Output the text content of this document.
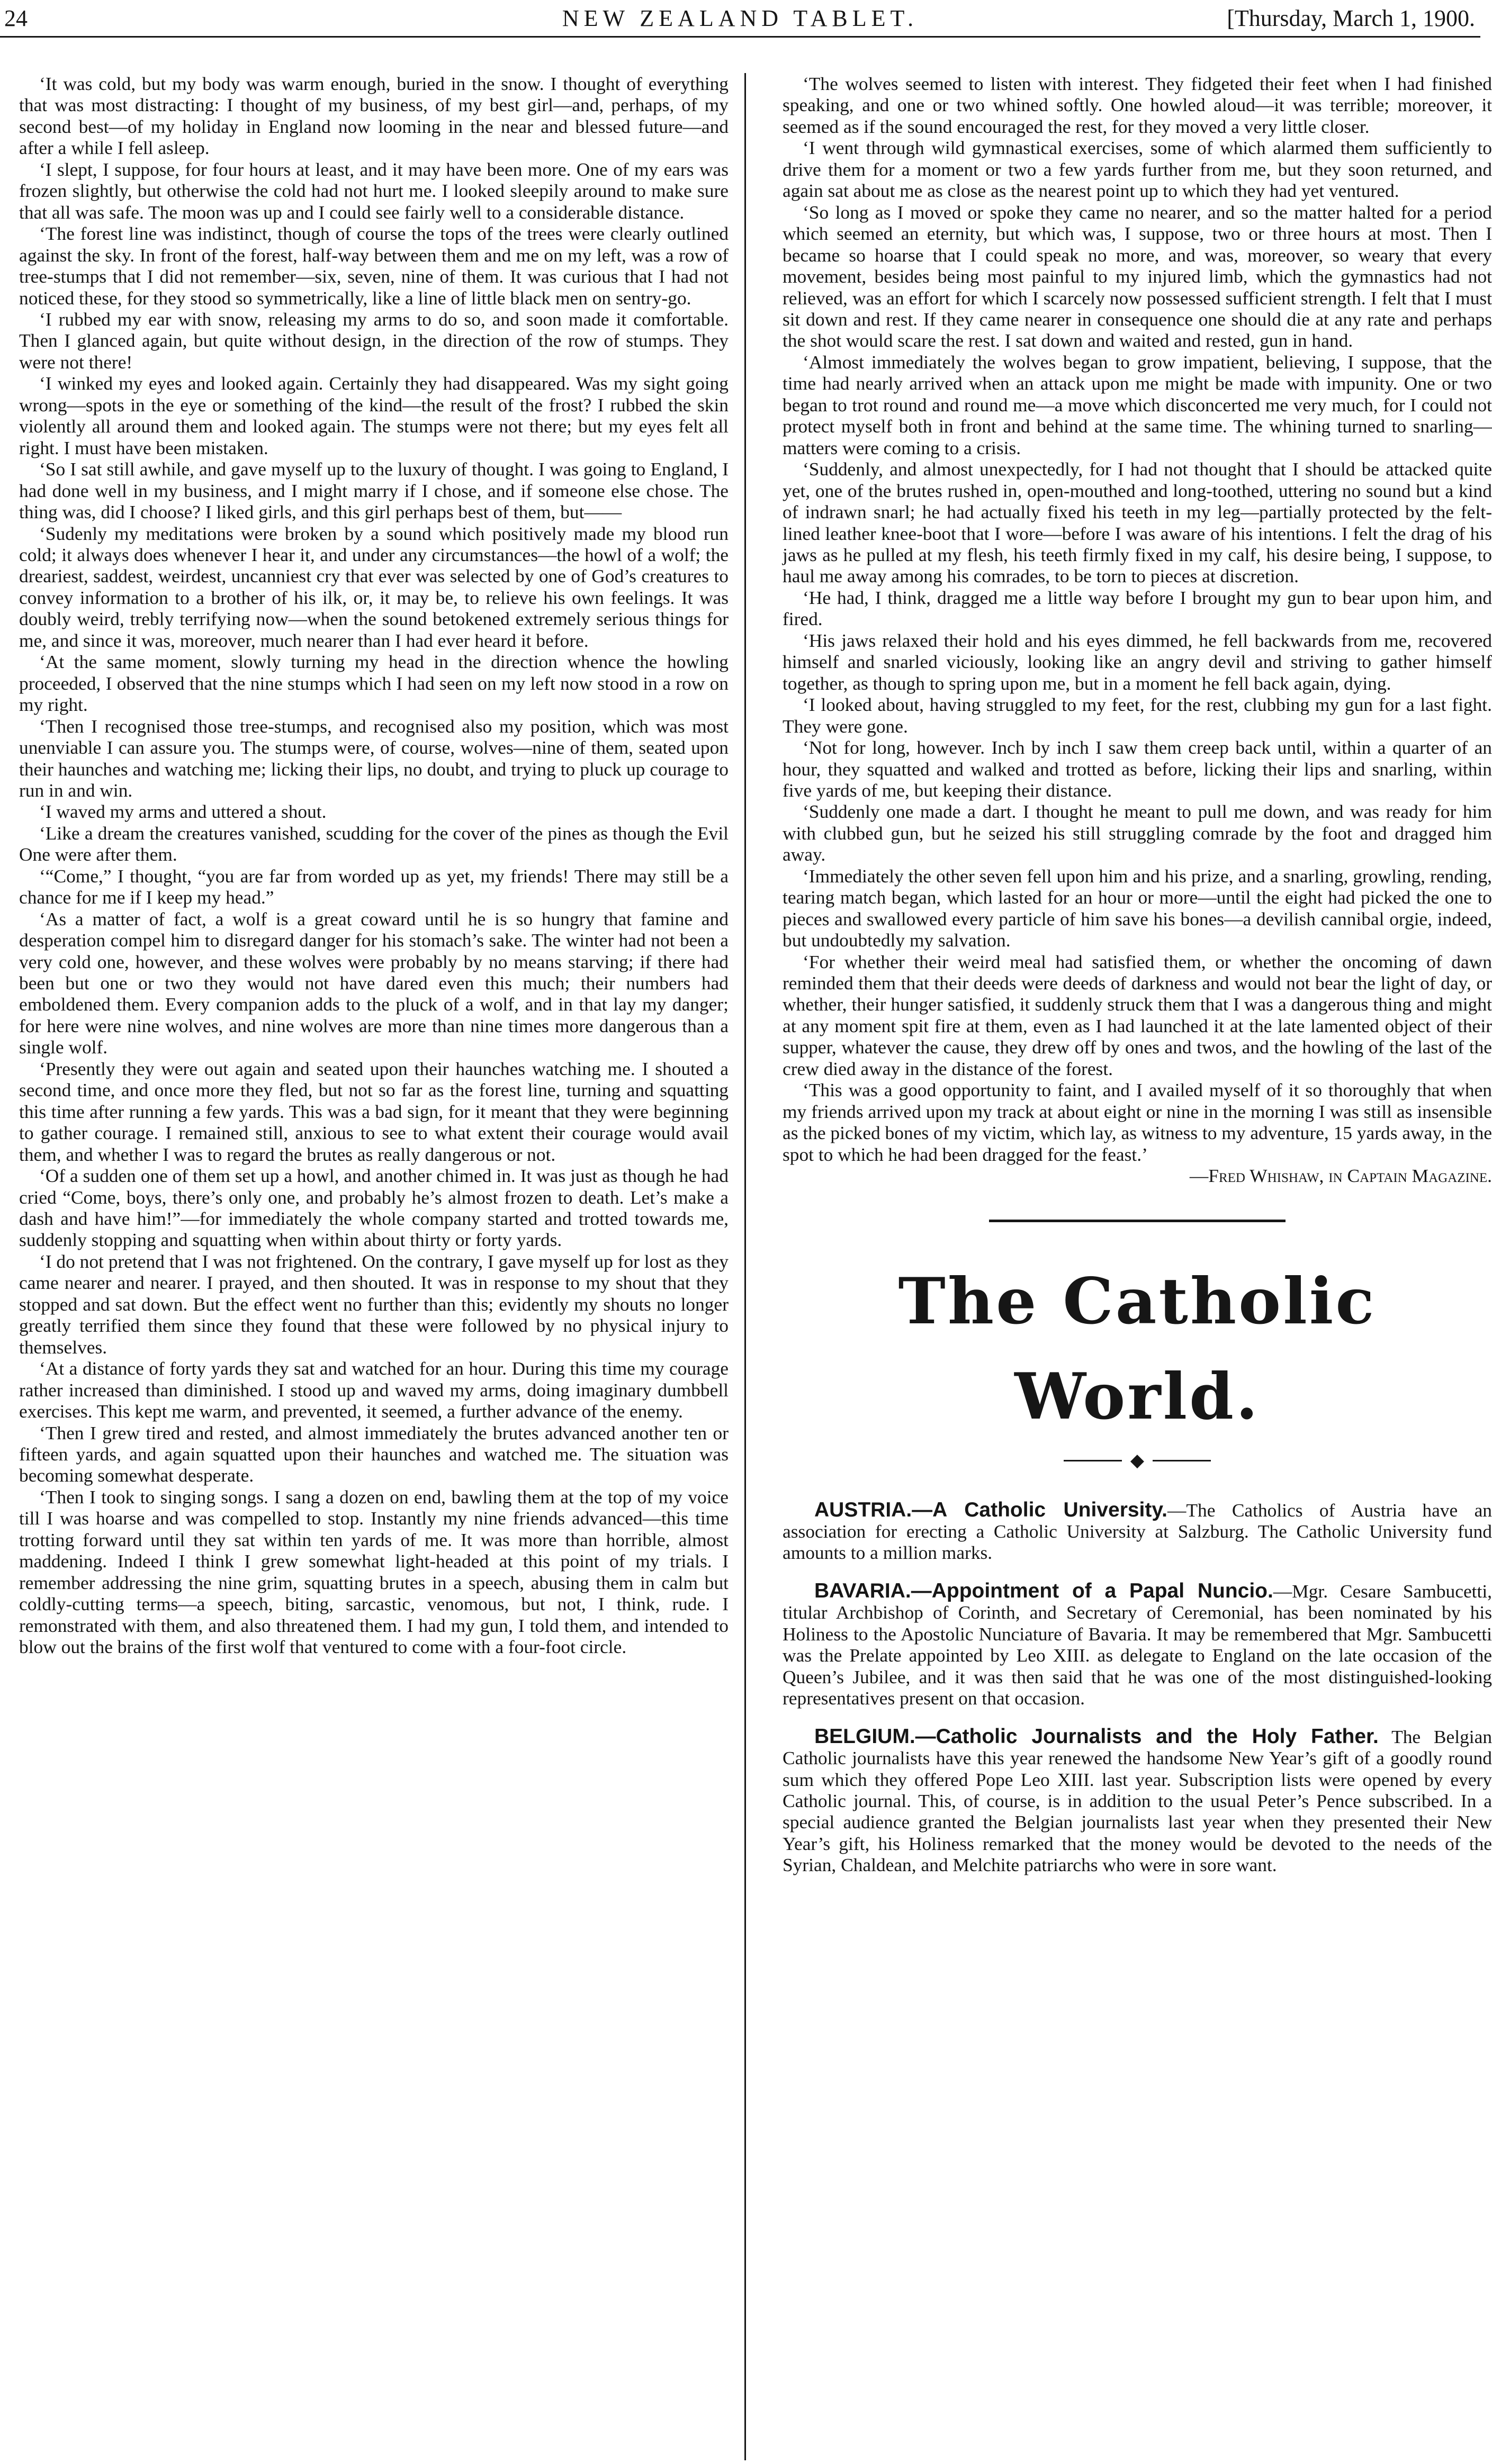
24	NEW ZEALAND TABLET.	[Thursday, March 1, 1900.

‘It was cold, but my body was warm enough, buried in the snow. I thought of everything that was most distracting: I thought of my business, of my best girl—and, perhaps, of my second best—of my holiday in England now looming in the near and blessed future—and after a while I fell asleep.

‘I slept, I suppose, for four hours at least, and it may have been more. One of my ears was frozen slightly, but otherwise the cold had not hurt me. I looked sleepily around to make sure that all was safe. The moon was up and I could see fairly well to a considerable distance.

‘The forest line was indistinct, though of course the tops of the trees were clearly outlined against the sky. In front of the forest, half-way between them and me on my left, was a row of tree-stumps that I did not remember—six, seven, nine of them. It was curious that I had not noticed these, for they stood so symmetrically, like a line of little black men on sentry-go.

‘I rubbed my ear with snow, releasing my arms to do so, and soon made it comfortable. Then I glanced again, but quite without design, in the direction of the row of stumps. They were not there!

‘I winked my eyes and looked again. Certainly they had disappeared. Was my sight going wrong—spots in the eye or something of the kind—the result of the frost? I rubbed the skin violently all around them and looked again. The stumps were not there; but my eyes felt all right. I must have been mistaken.

‘So I sat still awhile, and gave myself up to the luxury of thought. I was going to England, I had done well in my business, and I might marry if I chose, and if someone else chose. The thing was, did I choose? I liked girls, and this girl perhaps best of them, but——

‘Sudenly my meditations were broken by a sound which positively made my blood run cold; it always does whenever I hear it, and under any circumstances—the howl of a wolf; the dreariest, saddest, weirdest, uncanniest cry that ever was selected by one of God’s creatures to convey information to a brother of his ilk, or, it may be, to relieve his own feelings. It was doubly weird, trebly terrifying now—when the sound betokened extremely serious things for me, and since it was, moreover, much nearer than I had ever heard it before.

‘At the same moment, slowly turning my head in the direction whence the howling proceeded, I observed that the nine stumps which I had seen on my left now stood in a row on my right.

‘Then I recognised those tree-stumps, and recognised also my position, which was most unenviable I can assure you. The stumps were, of course, wolves—nine of them, seated upon their haunches and watching me; licking their lips, no doubt, and trying to pluck up courage to run in and win.

‘I waved my arms and uttered a shout.

‘Like a dream the creatures vanished, scudding for the cover of the pines as though the Evil One were after them.

‘“Come,” I thought, “you are far from worded up as yet, my friends! There may still be a chance for me if I keep my head.”

‘As a matter of fact, a wolf is a great coward until he is so hungry that famine and desperation compel him to disregard danger for his stomach’s sake. The winter had not been a very cold one, however, and these wolves were probably by no means starving; if there had been but one or two they would not have dared even this much; their numbers had emboldened them. Every companion adds to the pluck of a wolf, and in that lay my danger; for here were nine wolves, and nine wolves are more than nine times more dangerous than a single wolf.

‘Presently they were out again and seated upon their haunches watching me. I shouted a second time, and once more they fled, but not so far as the forest line, turning and squatting this time after running a few yards. This was a bad sign, for it meant that they were beginning to gather courage. I remained still, anxious to see to what extent their courage would avail them, and whether I was to regard the brutes as really dangerous or not.

‘Of a sudden one of them set up a howl, and another chimed in. It was just as though he had cried “Come, boys, there’s only one, and probably he’s almost frozen to death. Let’s make a dash and have him!”—for immediately the whole company started and trotted towards me, suddenly stopping and squatting when within about thirty or forty yards.

‘I do not pretend that I was not frightened. On the contrary, I gave myself up for lost as they came nearer and nearer. I prayed, and then shouted. It was in response to my shout that they stopped and sat down. But the effect went no further than this; evidently my shouts no longer greatly terrified them since they found that these were followed by no physical injury to themselves.

‘At a distance of forty yards they sat and watched for an hour. During this time my courage rather increased than diminished. I stood up and waved my arms, doing imaginary dumbbell exercises. This kept me warm, and prevented, it seemed, a further advance of the enemy.

‘Then I grew tired and rested, and almost immediately the brutes advanced another ten or fifteen yards, and again squatted upon their haunches and watched me. The situation was becoming somewhat desperate.

‘Then I took to singing songs. I sang a dozen on end, bawling them at the top of my voice till I was hoarse and was compelled to stop. Instantly my nine friends advanced—this time trotting forward until they sat within ten yards of me. It was more than horrible, almost maddening. Indeed I think I grew somewhat light-headed at this point of my trials. I remember addressing the nine grim, squatting brutes in a speech, abusing them in calm but coldly-cutting terms—a speech, biting, sarcastic, venomous, but not, I think, rude. I remonstrated with them, and also threatened them. I had my gun, I told them, and intended to blow out the brains of the first wolf that ventured to come with a four-foot circle.

‘The wolves seemed to listen with interest. They fidgeted their feet when I had finished speaking, and one or two whined softly. One howled aloud—it was terrible; moreover, it seemed as if the sound encouraged the rest, for they moved a very little closer.

‘I went through wild gymnastical exercises, some of which alarmed them sufficiently to drive them for a moment or two a few yards further from me, but they soon returned, and again sat about me as close as the nearest point up to which they had yet ventured.

‘So long as I moved or spoke they came no nearer, and so the matter halted for a period which seemed an eternity, but which was, I suppose, two or three hours at most. Then I became so hoarse that I could speak no more, and was, moreover, so weary that every movement, besides being most painful to my injured limb, which the gymnastics had not relieved, was an effort for which I scarcely now possessed sufficient strength. I felt that I must sit down and rest. If they came nearer in consequence one should die at any rate and perhaps the shot would scare the rest. I sat down and waited and rested, gun in hand.

‘Almost immediately the wolves began to grow impatient, believing, I suppose, that the time had nearly arrived when an attack upon me might be made with impunity. One or two began to trot round and round me—a move which disconcerted me very much, for I could not protect myself both in front and behind at the same time. The whining turned to snarling—matters were coming to a crisis.

‘Suddenly, and almost unexpectedly, for I had not thought that I should be attacked quite yet, one of the brutes rushed in, open-mouthed and long-toothed, uttering no sound but a kind of indrawn snarl; he had actually fixed his teeth in my leg—partially protected by the felt-lined leather knee-boot that I wore—before I was aware of his intentions. I felt the drag of his jaws as he pulled at my flesh, his teeth firmly fixed in my calf, his desire being, I suppose, to haul me away among his comrades, to be torn to pieces at discretion.

‘He had, I think, dragged me a little way before I brought my gun to bear upon him, and fired.

‘His jaws relaxed their hold and his eyes dimmed, he fell backwards from me, recovered himself and snarled viciously, looking like an angry devil and striving to gather himself together, as though to spring upon me, but in a moment he fell back again, dying.

‘I looked about, having struggled to my feet, for the rest, clubbing my gun for a last fight. They were gone.

‘Not for long, however. Inch by inch I saw them creep back until, within a quarter of an hour, they squatted and walked and trotted as before, licking their lips and snarling, within five yards of me, but keeping their distance.

‘Suddenly one made a dart. I thought he meant to pull me down, and was ready for him with clubbed gun, but he seized his still struggling comrade by the foot and dragged him away.

‘Immediately the other seven fell upon him and his prize, and a snarling, growling, rending, tearing match began, which lasted for an hour or more—until the eight had picked the one to pieces and swallowed every particle of him save his bones—a devilish cannibal orgie, indeed, but undoubtedly my salvation.

‘For whether their weird meal had satisfied them, or whether the oncoming of dawn reminded them that their deeds were deeds of darkness and would not bear the light of day, or whether, their hunger satisfied, it suddenly struck them that I was a dangerous thing and might at any moment spit fire at them, even as I had launched it at the late lamented object of their supper, whatever the cause, they drew off by ones and twos, and the howling of the last of the crew died away in the distance of the forest.

‘This was a good opportunity to faint, and I availed myself of it so thoroughly that when my friends arrived upon my track at about eight or nine in the morning I was still as insensible as the picked bones of my victim, which lay, as witness to my adventure, 15 yards away, in the spot to which he had been dragged for the feast.’

—Fred Whishaw, in Captain Magazine.

The Catholic World.
◆

AUSTRIA.—A Catholic University.—The Catholics of Austria have an association for erecting a Catholic University at Salzburg. The Catholic University fund amounts to a million marks.

BAVARIA.—Appointment of a Papal Nuncio.—Mgr. Cesare Sambucetti, titular Archbishop of Corinth, and Secretary of Ceremonial, has been nominated by his Holiness to the Apostolic Nunciature of Bavaria. It may be remembered that Mgr. Sambucetti was the Prelate appointed by Leo XIII. as delegate to England on the late occasion of the Queen’s Jubilee, and it was then said that he was one of the most distinguished-looking representatives present on that occasion.

BELGIUM.—Catholic Journalists and the Holy Father. The Belgian Catholic journalists have this year renewed the handsome New Year’s gift of a goodly round sum which they offered Pope Leo XIII. last year. Subscription lists were opened by every Catholic journal. This, of course, is in addition to the usual Peter’s Pence subscribed. In a special audience granted the Belgian journalists last year when they presented their New Year’s gift, his Holiness remarked that the money would be devoted to the needs of the Syrian, Chaldean, and Melchite patriarchs who were in sore want.
